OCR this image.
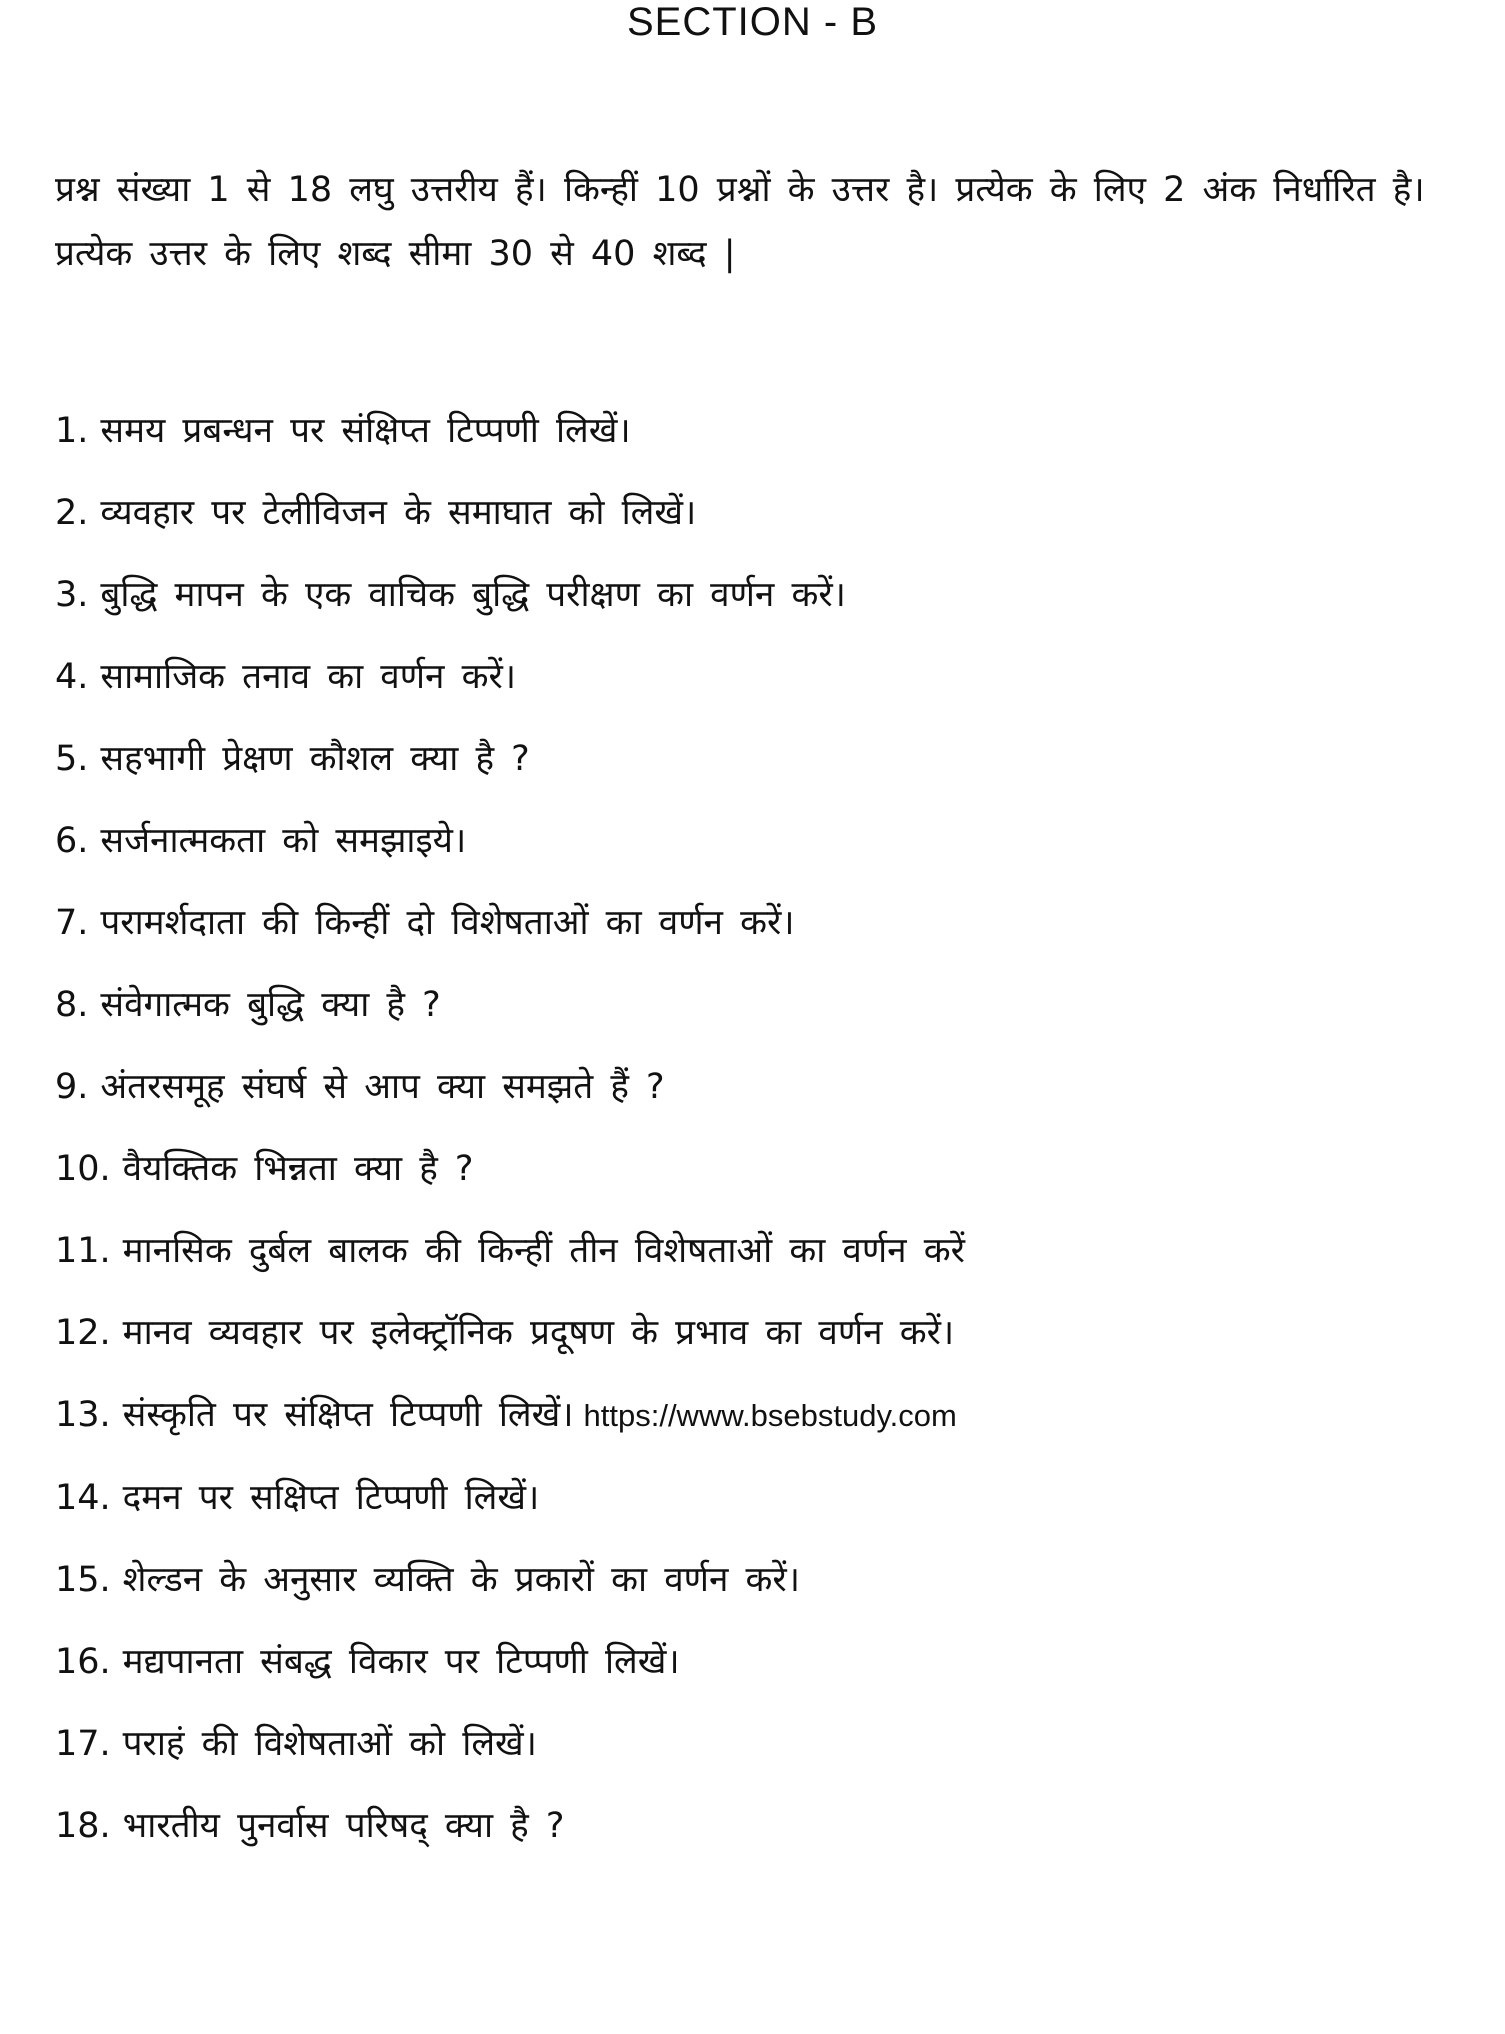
SECTION - B
प्रश्न संख्या 1 से 18 लघु उत्तरीय हैं। किन्हीं 10 प्रश्नों के उत्तर है। प्रत्येक के लिए 2 अंक निर्धारित है। प्रत्येक उत्तर के लिए शब्द सीमा 30 से 40 शब्द |
1. समय प्रबन्धन पर संक्षिप्त टिप्पणी लिखें।
2. व्यवहार पर टेलीविजन के समाघात को लिखें।
3. बुद्धि मापन के एक वाचिक बुद्धि परीक्षण का वर्णन करें।
4. सामाजिक तनाव का वर्णन करें।
5. सहभागी प्रेक्षण कौशल क्या है ?
6. सर्जनात्मकता को समझाइये।
7. परामर्शदाता की किन्हीं दो विशेषताओं का वर्णन करें।
8. संवेगात्मक बुद्धि क्या है ?
9. अंतरसमूह संघर्ष से आप क्या समझते हैं ?
10. वैयक्तिक भिन्नता क्या है ?
11. मानसिक दुर्बल बालक की किन्हीं तीन विशेषताओं का वर्णन करें
12. मानव व्यवहार पर इलेक्ट्रॉनिक प्रदूषण के प्रभाव का वर्णन करें।
13. संस्कृति पर संक्षिप्त टिप्पणी लिखें। https://www.bsebstudy.com
14. दमन पर सक्षिप्त टिप्पणी लिखें।
15. शेल्डन के अनुसार व्यक्ति के प्रकारों का वर्णन करें।
16. मद्यपानता संबद्ध विकार पर टिप्पणी लिखें।
17. पराहं की विशेषताओं को लिखें।
18. भारतीय पुनर्वास परिषद् क्या है ?
